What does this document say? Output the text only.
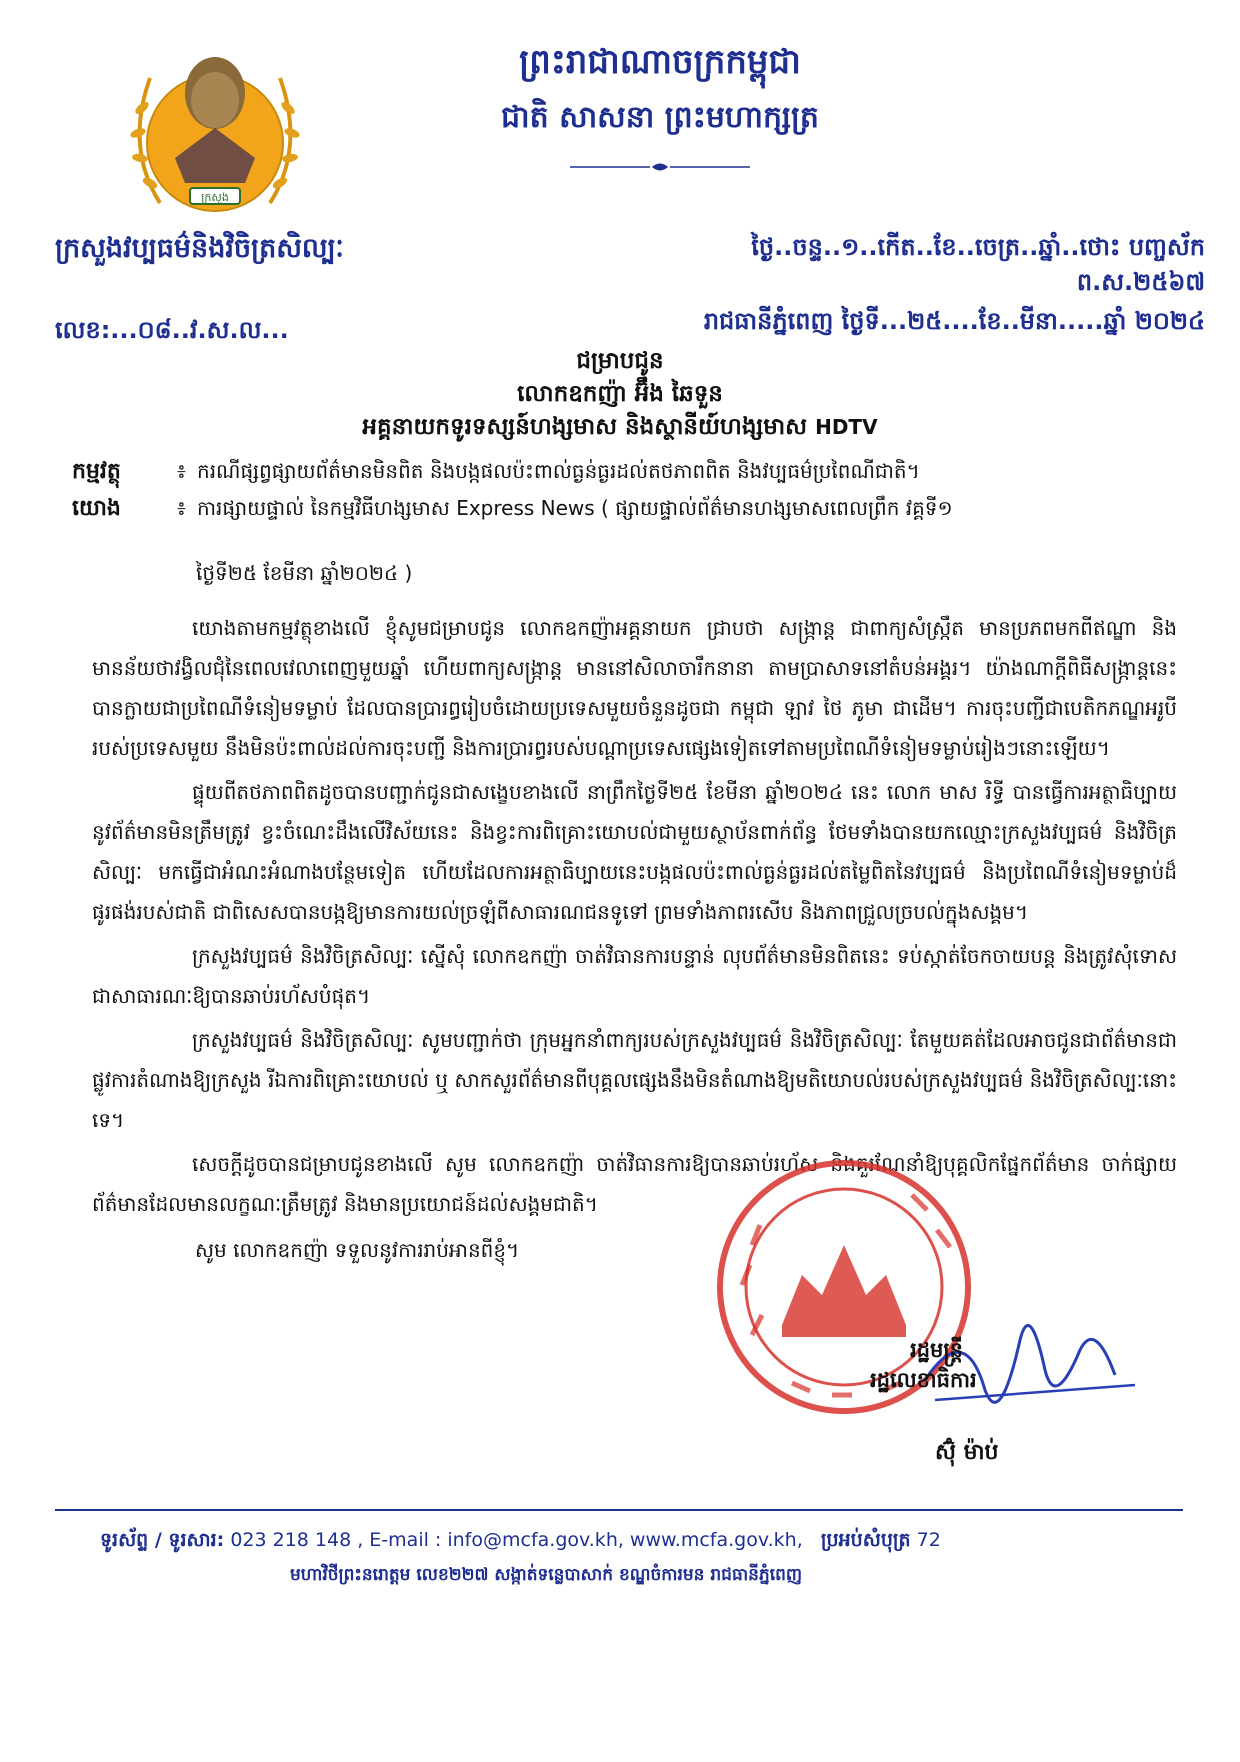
ក្រសួង
ព្រះរាជាណាចក្រកម្ពុជា
ជាតិ សាសនា ព្រះមហាក្សត្រ
ក្រសួងវប្បធម៌និងវិចិត្រសិល្បៈ	ថ្ងៃ..ចន្ទ..១..កើត..ខែ..ចេត្រ..ឆ្នាំ..ថោះ បញ្ចស័ក ព.ស.២៥៦៧
លេខ:...០៨..វ.ស.ល...	រាជធានីភ្នំពេញ ថ្ងៃទី...២៥....ខែ..មីនា.....ឆ្នាំ ២០២៤
ជម្រាបជូន
លោកឧកញ៉ា អ៊ឹង ឆៃទួន
អគ្គនាយកទូរទស្សន៍ហង្សមាស និងស្ថានីយ៍ហង្សមាស HDTV
កម្មវត្ថុ	៖ ករណីផ្សព្វផ្សាយព័ត៌មានមិនពិត និងបង្កផលប៉ះពាល់ធ្ងន់ធ្ងរដល់តថភាពពិត និងវប្បធម៌ប្រពៃណីជាតិ។
យោង	៖ ការផ្សាយផ្ទាល់ នៃកម្មវិធីហង្សមាស Express News ( ផ្សាយផ្ទាល់ព័ត៌មានហង្សមាសពេលព្រឹក វគ្គទី១
ថ្ងៃទី២៥ ខែមីនា ឆ្នាំ២០២៤ )

យោងតាមកម្មវត្ថុខាងលើ ខ្ញុំសូមជម្រាបជូន លោកឧកញ៉ាអគ្គនាយក ជ្រាបថា សង្ក្រាន្ត ជាពាក្យសំស្ក្រឹត មានប្រភពមកពីឥណ្ឌា និងមានន័យថាវង្វិលជុំនៃពេលវេលាពេញមួយឆ្នាំ ហើយពាក្យសង្ក្រាន្ត មាននៅសិលាចារឹកនានា តាមប្រាសាទនៅតំបន់អង្គរ។ យ៉ាងណាក្តីពិធីសង្ក្រាន្តនេះ បានក្លាយជាប្រពៃណីទំនៀមទម្លាប់ ដែលបានប្រារព្ធរៀបចំដោយប្រទេសមួយចំនួនដូចជា កម្ពុជា ឡាវ ថៃ ភូមា ជាដើម។ ការចុះបញ្ជីជាបេតិកភណ្ឌអរូបីរបស់ប្រទេសមួយ នឹងមិនប៉ះពាល់ដល់ការចុះបញ្ជី និងការប្រារព្ធរបស់បណ្តាប្រទេសផ្សេងទៀតទៅតាមប្រពៃណីទំនៀមទម្លាប់រៀងៗនោះឡើយ។

ផ្ទុយពីតថភាពពិតដូចបានបញ្ជាក់ជូនជាសង្ខេបខាងលើ នាព្រឹកថ្ងៃទី២៥ ខែមីនា ឆ្នាំ២០២៤ នេះ លោក មាស រិទ្ធី បានធ្វើការអត្ថាធិប្បាយនូវព័ត៌មានមិនត្រឹមត្រូវ ខ្វះចំណេះដឹងលើវិស័យនេះ និងខ្វះការពិគ្រោះយោបល់ជាមួយស្ថាប័នពាក់ព័ន្ធ ថែមទាំងបានយកឈ្មោះក្រសួងវប្បធម៌ និងវិចិត្រសិល្បៈ មកធ្វើជាអំណះអំណាងបន្ថែមទៀត ហើយដែលការអត្ថាធិប្បាយនេះបង្កផលប៉ះពាល់ធ្ងន់ធ្ងរដល់តម្លៃពិតនៃវប្បធម៌ និងប្រពៃណីទំនៀមទម្លាប់ដ៏ផូរផង់របស់ជាតិ ជាពិសេសបានបង្កឱ្យមានការយល់ច្រឡំពីសាធារណជនទូទៅ ព្រមទាំងភាពរសើប និងភាពជ្រួលច្របល់ក្នុងសង្គម។

ក្រសួងវប្បធម៌ និងវិចិត្រសិល្បៈ ស្នើសុំ លោកឧកញ៉ា ចាត់វិធានការបន្ទាន់ លុបព័ត៌មានមិនពិតនេះ ទប់ស្កាត់ចែកចាយបន្ត និងត្រូវសុំទោសជាសាធារណៈឱ្យបានឆាប់រហ័សបំផុត។

ក្រសួងវប្បធម៌ និងវិចិត្រសិល្បៈ សូមបញ្ជាក់ថា ក្រុមអ្នកនាំពាក្យរបស់ក្រសួងវប្បធម៌ និងវិចិត្រសិល្បៈ តែមួយគត់ដែលអាចជូនជាព័ត៌មានជាផ្លូវការតំណាងឱ្យក្រសួង រីឯការពិគ្រោះយោបល់ ឬ សាកសួរព័ត៌មានពីបុគ្គលផ្សេងនឹងមិនតំណាងឱ្យមតិយោបល់របស់ក្រសួងវប្បធម៌ និងវិចិត្រសិល្បៈនោះទេ។

សេចក្តីដូចបានជម្រាបជូនខាងលើ សូម លោកឧកញ៉ា ចាត់វិធានការឱ្យបានឆាប់រហ័ស និងគួរណែនាំឱ្យបុគ្គលិកផ្នែកព័ត៌មាន ចាក់ផ្សាយព័ត៌មានដែលមានលក្ខណៈត្រឹមត្រូវ និងមានប្រយោជន៍ដល់សង្គមជាតិ។

សូម លោកឧកញ៉ា ទទួលនូវការរាប់អានពីខ្ញុំ។
រដ្ឋមន្ត្រី
រដ្ឋលេខាធិការ
ស៊ុំ ម៉ាប់
ទូរស័ព្ទ / ទូរសារ: 023 218 148 , E-mail : info@mcfa.gov.kh, www.mcfa.gov.kh, ប្រអប់សំបុត្រ 72
មហាវិថីព្រះនរោត្តម លេខ២២៧ សង្កាត់ទន្លេបាសាក់ ខណ្ឌចំការមន រាជធានីភ្នំពេញ
